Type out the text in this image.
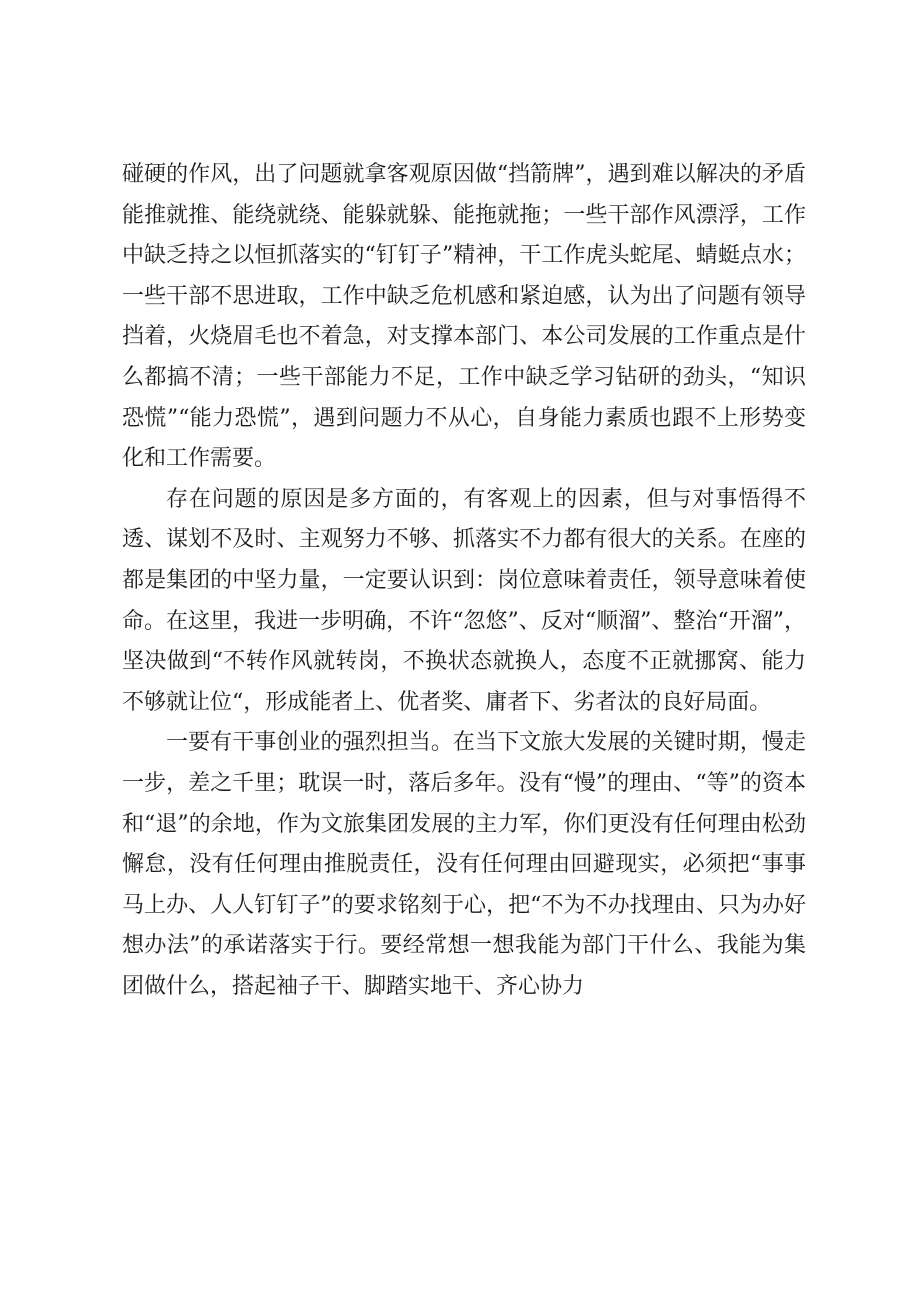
碰硬的作风，出了问题就拿客观原因做“挡箭牌”，遇到难以解决的矛盾能推就推、能绕就绕、能躲就躲、能拖就拖；一些干部作风漂浮，工作中缺乏持之以恒抓落实的“钉钉子”精神，干工作虎头蛇尾、蜻蜓点水；一些干部不思进取，工作中缺乏危机感和紧迫感，认为出了问题有领导挡着，火烧眉毛也不着急，对支撑本部门、本公司发展的工作重点是什么都搞不清；一些干部能力不足，工作中缺乏学习钻研的劲头，“知识恐慌”“能力恐慌”，遇到问题力不从心，自身能力素质也跟不上形势变化和工作需要。

存在问题的原因是多方面的，有客观上的因素，但与对事悟得不透、谋划不及时、主观努力不够、抓落实不力都有很大的关系。在座的都是集团的中坚力量，一定要认识到：岗位意味着责任，领导意味着使命。在这里，我进一步明确，不许“忽悠”、反对“顺溜”、整治“开溜”，坚决做到“不转作风就转岗，不换状态就换人，态度不正就挪窝、能力不够就让位“，形成能者上、优者奖、庸者下、劣者汰的良好局面。

一要有干事创业的强烈担当。在当下文旅大发展的关键时期，慢走一步，差之千里；耽误一时，落后多年。没有“慢”的理由、“等”的资本和“退”的余地，作为文旅集团发展的主力军，你们更没有任何理由松劲懈怠，没有任何理由推脱责任，没有任何理由回避现实，必须把“事事马上办、人人钉钉子”的要求铭刻于心，把“不为不办找理由、只为办好想办法”的承诺落实于行。要经常想一想我能为部门干什么、我能为集团做什么，搭起袖子干、脚踏实地干、齐心协力
